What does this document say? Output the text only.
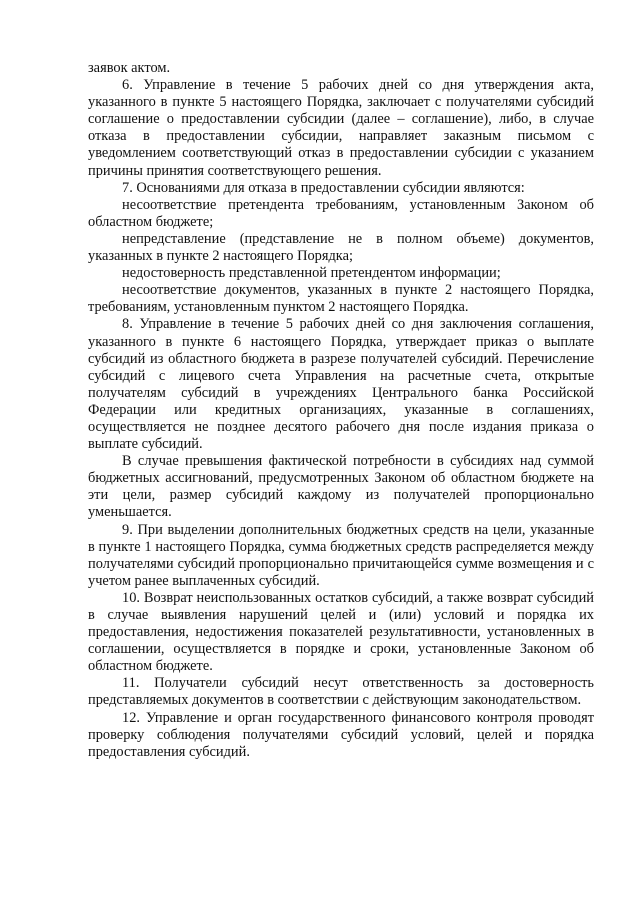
заявок актом.

6. Управление в течение 5 рабочих дней со дня утверждения акта, указанного в пункте 5 настоящего Порядка, заключает с получателями субсидий соглашение о предоставлении субсидии (далее – соглашение), либо, в случае отказа в предоставлении субсидии, направляет заказным письмом с уведомлением соответствующий отказ в предоставлении субсидии с указанием причины принятия соответствующего решения.

7. Основаниями для отказа в предоставлении субсидии являются:

несоответствие претендента требованиям, установленным Законом об областном бюджете;

непредставление (представление не в полном объеме) документов, указанных в пункте 2 настоящего Порядка;

недостоверность представленной претендентом информации;

несоответствие документов, указанных в пункте 2 настоящего Порядка, требованиям, установленным пунктом 2 настоящего Порядка.

8. Управление в течение 5 рабочих дней со дня заключения соглашения, указанного в пункте 6 настоящего Порядка, утверждает приказ о выплате субсидий из областного бюджета в разрезе получателей субсидий. Перечисление субсидий с лицевого счета Управления на расчетные счета, открытые получателям субсидий в учреждениях Центрального банка Российской Федерации или кредитных организациях, указанные в соглашениях, осуществляется не позднее десятого рабочего дня после издания приказа о выплате субсидий.

В случае превышения фактической потребности в субсидиях над суммой бюджетных ассигнований, предусмотренных Законом об областном бюджете на эти цели, размер субсидий каждому из получателей пропорционально уменьшается.

9. При выделении дополнительных бюджетных средств на цели, указанные в пункте 1 настоящего Порядка, сумма бюджетных средств распределяется между получателями субсидий пропорционально причитающейся сумме возмещения и с учетом ранее выплаченных субсидий.

10. Возврат неиспользованных остатков субсидий, а также возврат субсидий в случае выявления нарушений целей и (или) условий и порядка их предоставления, недостижения показателей результативности, установленных в соглашении, осуществляется в порядке и сроки, установленные Законом об областном бюджете.

11. Получатели субсидий несут ответственность за достоверность представляемых документов в соответствии с действующим законодательством.

12. Управление и орган государственного финансового контроля проводят проверку соблюдения получателями субсидий условий, целей и порядка предоставления субсидий.
